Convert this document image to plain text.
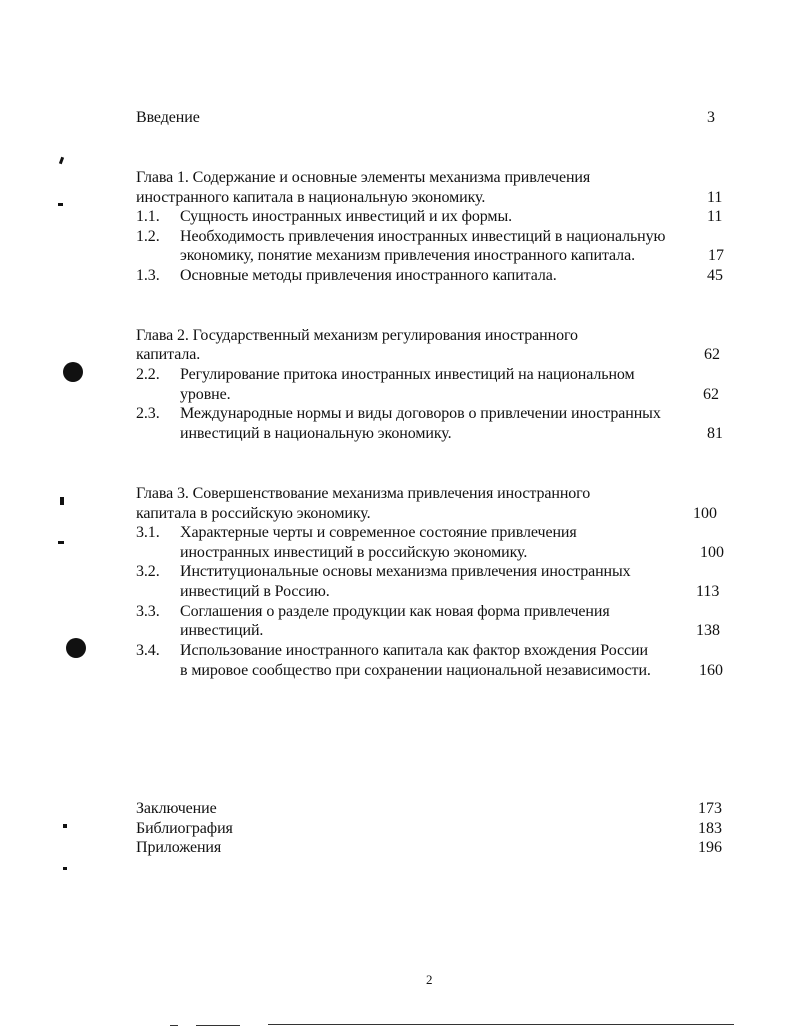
Введение	3
Глава 1. Содержание и основные элементы механизма привлечения
иностранного капитала в национальную экономику.	11
1.1. Сущность иностранных инвестиций и их формы.	11
1.2. Необходимость привлечения иностранных инвестиций в национальную
экономику, понятие механизм привлечения иностранного капитала.	17
1.3. Основные методы привлечения иностранного капитала.	45
Глава 2. Государственный механизм регулирования иностранного
капитала.	62
2.2. Регулирование притока иностранных инвестиций на национальном
уровне.	62
2.3. Международные нормы и виды договоров о привлечении иностранных
инвестиций в национальную экономику.	81
Глава 3. Совершенствование механизма привлечения иностранного
капитала в российскую экономику.	100
3.1. Характерные черты и современное состояние привлечения
иностранных инвестиций в российскую экономику.	100
3.2. Институциональные основы механизма привлечения иностранных
инвестиций в Россию.	113
3.3. Соглашения о разделе продукции как новая форма привлечения
инвестиций.	138
3.4. Использование иностранного капитала как фактор вхождения России
в мировое сообщество при сохранении национальной независимости.	160
Заключение	173
Библиография	183
Приложения	196
2
